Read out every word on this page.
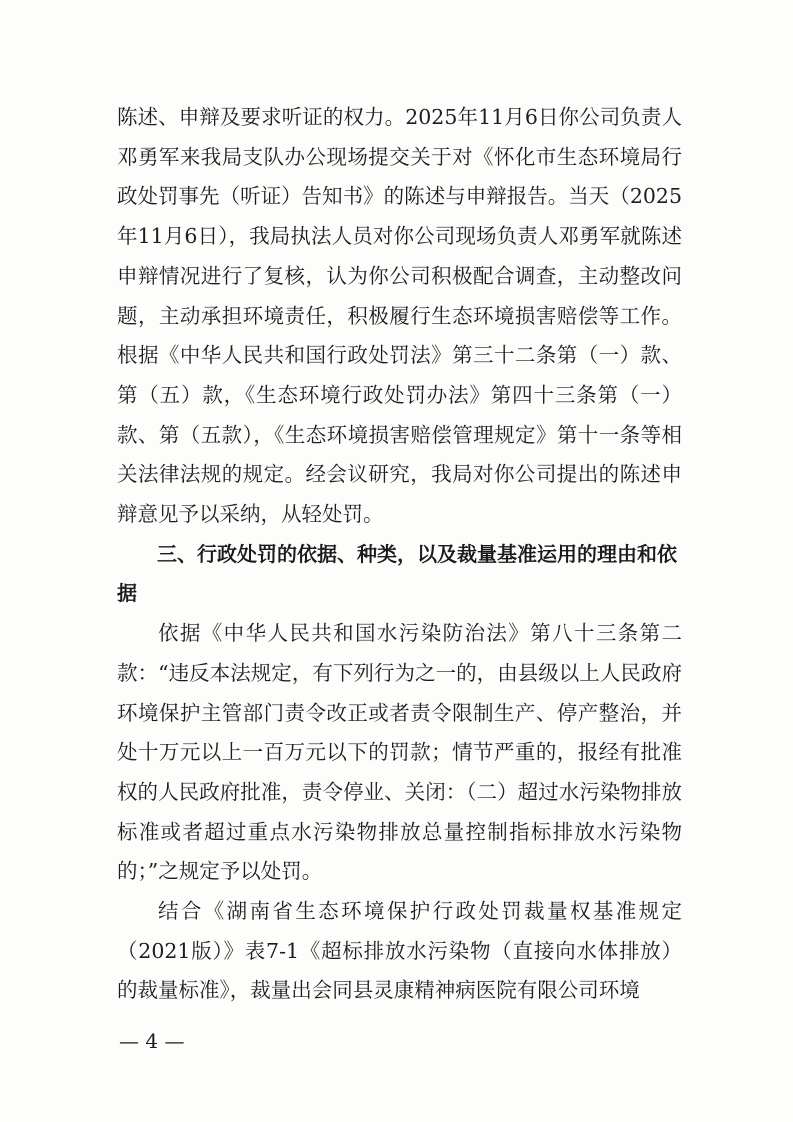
陈述、申辩及要求听证的权力。2025年11月6日你公司负责人邓勇军来我局支队办公现场提交关于对《怀化市生态环境局行政处罚事先（听证）告知书》的陈述与申辩报告。当天（2025年11月6日），我局执法人员对你公司现场负责人邓勇军就陈述申辩情况进行了复核，认为你公司积极配合调查，主动整改问题，主动承担环境责任，积极履行生态环境损害赔偿等工作。根据《中华人民共和国行政处罚法》第三十二条第（一）款、第（五）款，《生态环境行政处罚办法》第四十三条第（一）款、第（五款），《生态环境损害赔偿管理规定》第十一条等相关法律法规的规定。经会议研究，我局对你公司提出的陈述申辩意见予以采纳，从轻处罚。

三、行政处罚的依据、种类，以及裁量基准运用的理由和依据

依据《中华人民共和国水污染防治法》第八十三条第二款：“违反本法规定，有下列行为之一的，由县级以上人民政府环境保护主管部门责令改正或者责令限制生产、停产整治，并处十万元以上一百万元以下的罚款；情节严重的，报经有批准权的人民政府批准，责令停业、关闭：（二）超过水污染物排放标准或者超过重点水污染物排放总量控制指标排放水污染物的；”之规定予以处罚。

结合《湖南省生态环境保护行政处罚裁量权基准规定（2021版）》表7-1《超标排放水污染物（直接向水体排放）的裁量标准》，裁量出会同县灵康精神病医院有限公司环境

— 4 —
